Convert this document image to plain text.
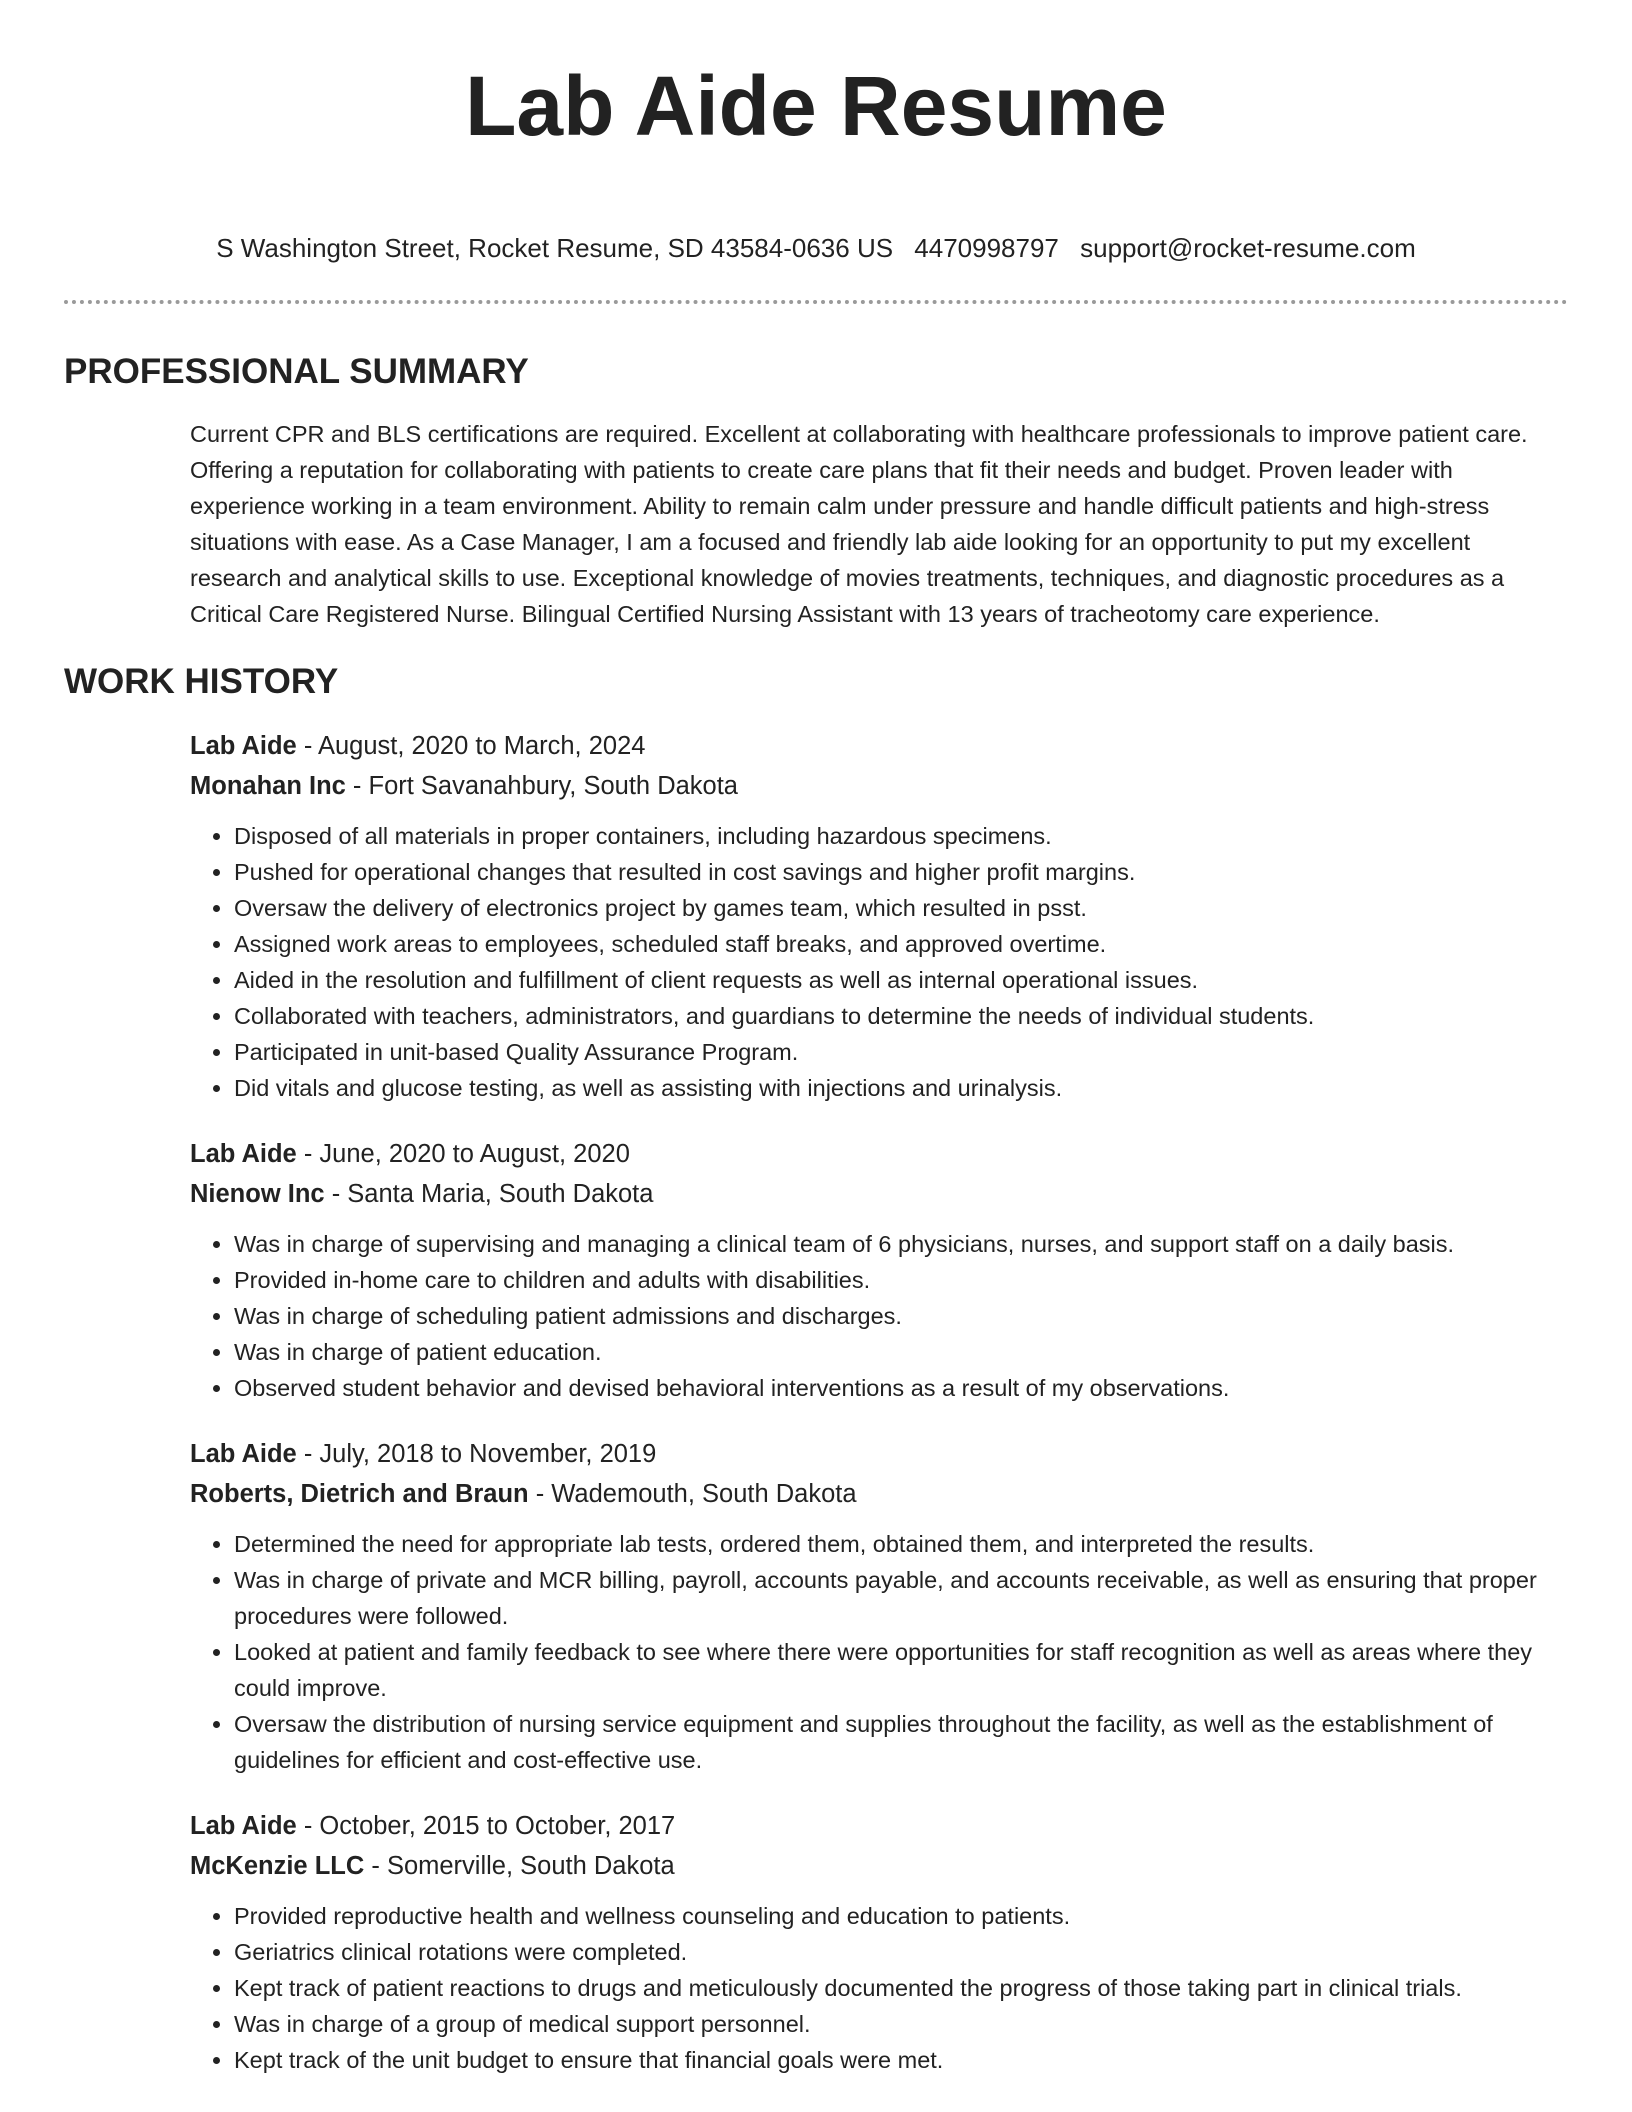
Lab Aide Resume
S Washington Street, Rocket Resume, SD 43584-0636 US 4470998797 support@rocket-resume.com
PROFESSIONAL SUMMARY

Current CPR and BLS certifications are required. Excellent at collaborating with healthcare professionals to improve patient care. Offering a reputation for collaborating with patients to create care plans that fit their needs and budget. Proven leader with experience working in a team environment. Ability to remain calm under pressure and handle difficult patients and high-stress situations with ease. As a Case Manager, I am a focused and friendly lab aide looking for an opportunity to put my excellent research and analytical skills to use. Exceptional knowledge of movies treatments, techniques, and diagnostic procedures as a Critical Care Registered Nurse. Bilingual Certified Nursing Assistant with 13 years of tracheotomy care experience.

WORK HISTORY
Lab Aide - August, 2020 to March, 2024
Monahan Inc - Fort Savanahbury, South Dakota
• Disposed of all materials in proper containers, including hazardous specimens.
• Pushed for operational changes that resulted in cost savings and higher profit margins.
• Oversaw the delivery of electronics project by games team, which resulted in psst.
• Assigned work areas to employees, scheduled staff breaks, and approved overtime.
• Aided in the resolution and fulfillment of client requests as well as internal operational issues.
• Collaborated with teachers, administrators, and guardians to determine the needs of individual students.
• Participated in unit-based Quality Assurance Program.
• Did vitals and glucose testing, as well as assisting with injections and urinalysis.
Lab Aide - June, 2020 to August, 2020
Nienow Inc - Santa Maria, South Dakota
• Was in charge of supervising and managing a clinical team of 6 physicians, nurses, and support staff on a daily basis.
• Provided in-home care to children and adults with disabilities.
• Was in charge of scheduling patient admissions and discharges.
• Was in charge of patient education.
• Observed student behavior and devised behavioral interventions as a result of my observations.
Lab Aide - July, 2018 to November, 2019
Roberts, Dietrich and Braun - Wademouth, South Dakota
• Determined the need for appropriate lab tests, ordered them, obtained them, and interpreted the results.
• Was in charge of private and MCR billing, payroll, accounts payable, and accounts receivable, as well as ensuring that proper procedures were followed.
• Looked at patient and family feedback to see where there were opportunities for staff recognition as well as areas where they could improve.
• Oversaw the distribution of nursing service equipment and supplies throughout the facility, as well as the establishment of guidelines for efficient and cost-effective use.
Lab Aide - October, 2015 to October, 2017
McKenzie LLC - Somerville, South Dakota
• Provided reproductive health and wellness counseling and education to patients.
• Geriatrics clinical rotations were completed.
• Kept track of patient reactions to drugs and meticulously documented the progress of those taking part in clinical trials.
• Was in charge of a group of medical support personnel.
• Kept track of the unit budget to ensure that financial goals were met.
